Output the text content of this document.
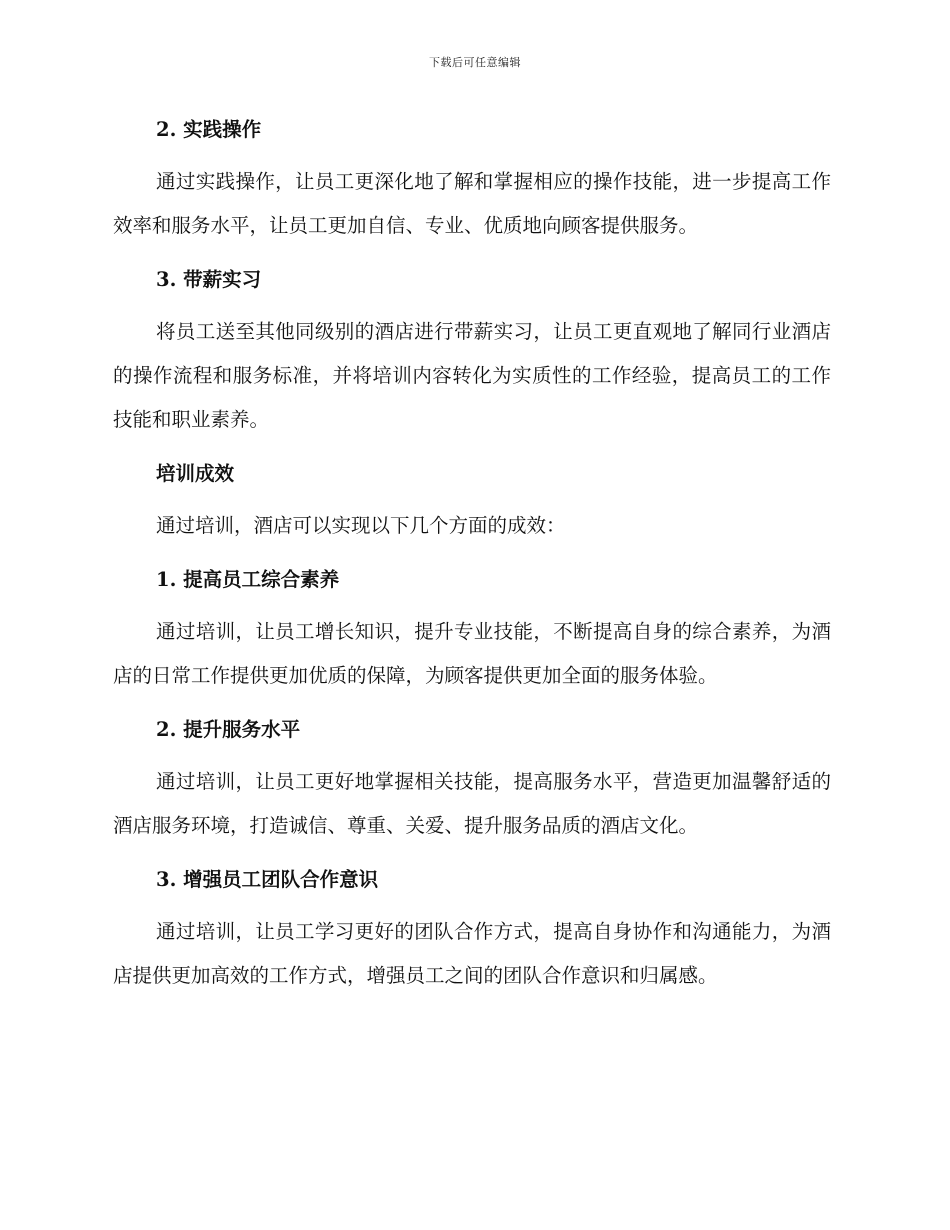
下载后可任意编辑
2. 实践操作

通过实践操作，让员工更深化地了解和掌握相应的操作技能，进一步提高工作效率和服务水平，让员工更加自信、专业、优质地向顾客提供服务。

3. 带薪实习

将员工送至其他同级别的酒店进行带薪实习，让员工更直观地了解同行业酒店的操作流程和服务标准，并将培训内容转化为实质性的工作经验，提高员工的工作技能和职业素养。

培训成效

通过培训，酒店可以实现以下几个方面的成效：

1. 提高员工综合素养

通过培训，让员工增长知识，提升专业技能，不断提高自身的综合素养，为酒店的日常工作提供更加优质的保障，为顾客提供更加全面的服务体验。

2. 提升服务水平

通过培训，让员工更好地掌握相关技能，提高服务水平，营造更加温馨舒适的酒店服务环境，打造诚信、尊重、关爱、提升服务品质的酒店文化。

3. 增强员工团队合作意识

通过培训，让员工学习更好的团队合作方式，提高自身协作和沟通能力，为酒店提供更加高效的工作方式，增强员工之间的团队合作意识和归属感。
